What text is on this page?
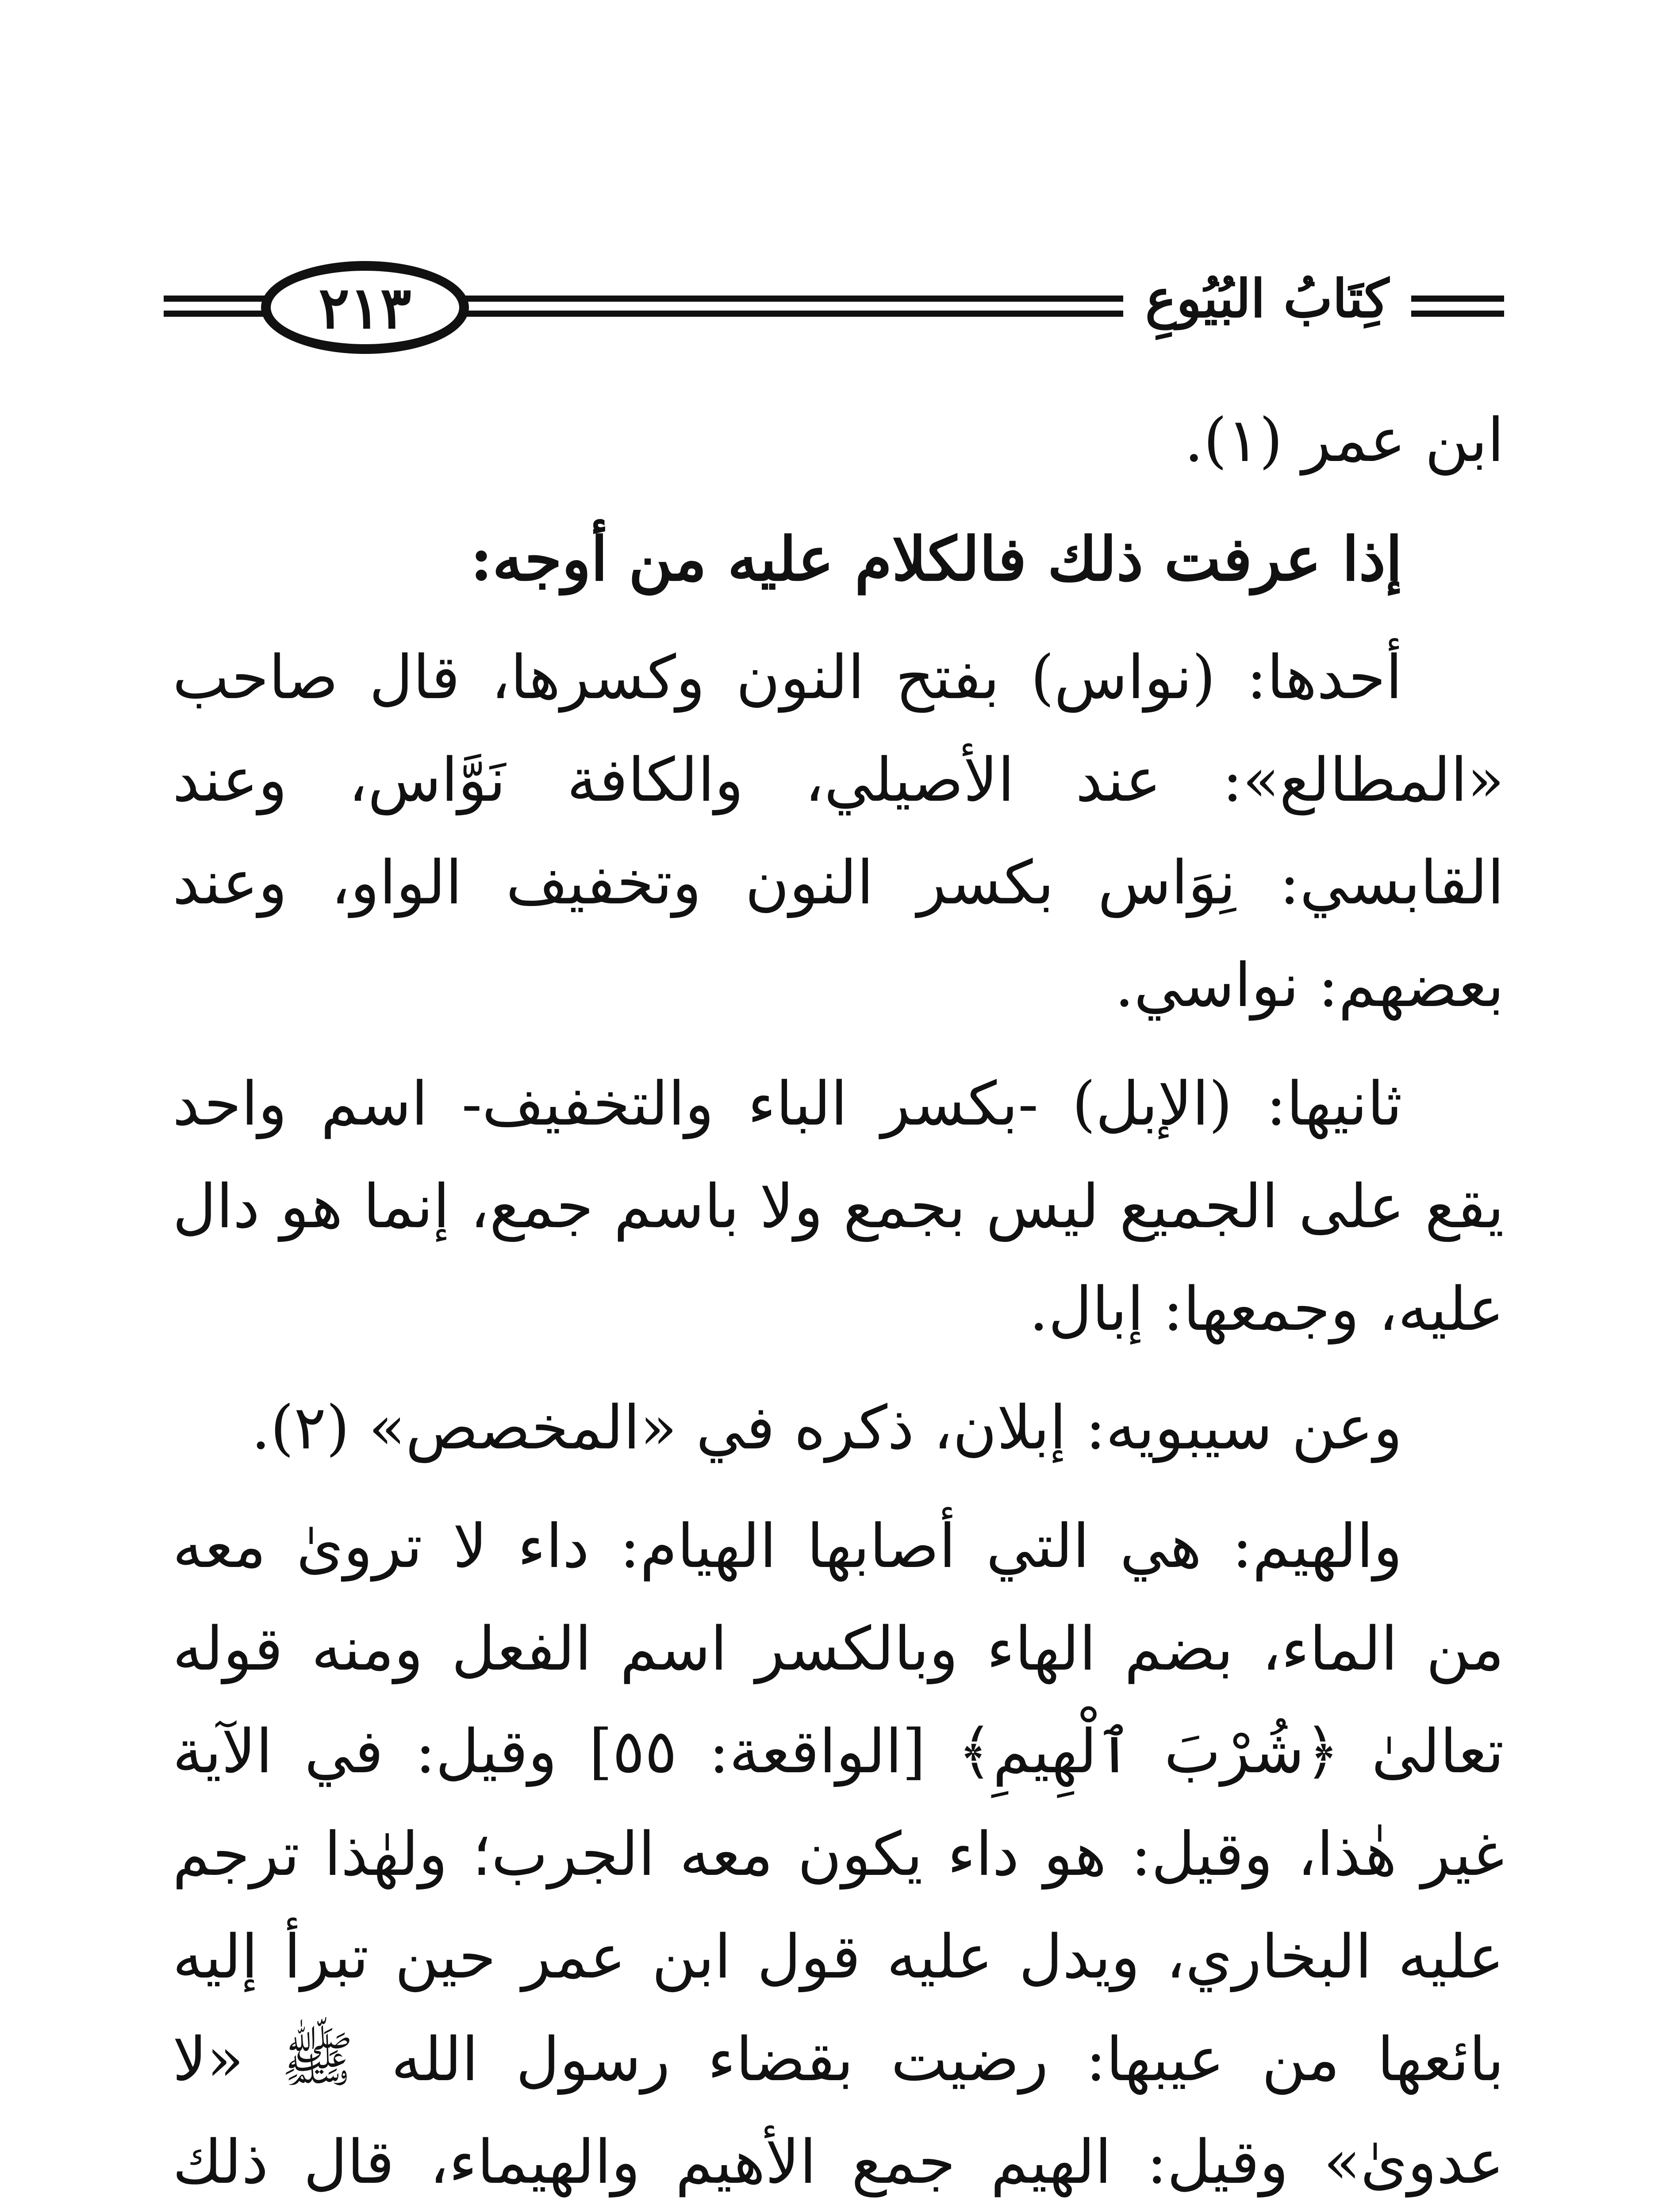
٢١٣	كِتَابُ البُيُوعِ

ابن عمر (١).

إذا عرفت ذلك فالكلام عليه من أوجه:

أحدها: (نواس) بفتح النون وكسرها، قال صاحب «المطالع»: عند الأصيلي، والكافة نَوَّاس، وعند القابسي: نِوَاس بكسر النون وتخفيف الواو، وعند بعضهم: نواسي.

ثانيها: (الإبل) -بكسر الباء والتخفيف- اسم واحد يقع على الجميع ليس بجمع ولا باسم جمع، إنما هو دال عليه، وجمعها: إبال.

وعن سيبويه: إبلان، ذكره في «المخصص» (٢).

والهيم: هي التي أصابها الهيام: داء لا ترویٰ معه من الماء، بضم الهاء وبالكسر اسم الفعل ومنه قوله تعالىٰ ﴿شُرْبَ ٱلْهِيمِ﴾ [الواقعة: ٥٥] وقيل: في الآية غير هٰذا، وقيل: هو داء يكون معه الجرب؛ ولهٰذا ترجم عليه البخاري، ويدل عليه قول ابن عمر حين تبرأ إليه بائعها من عيبها: رضيت بقضاء رسول الله ﷺ «لا عدوىٰ» وقيل: الهيم جمع الأهيم والهيماء، قال ذلك
